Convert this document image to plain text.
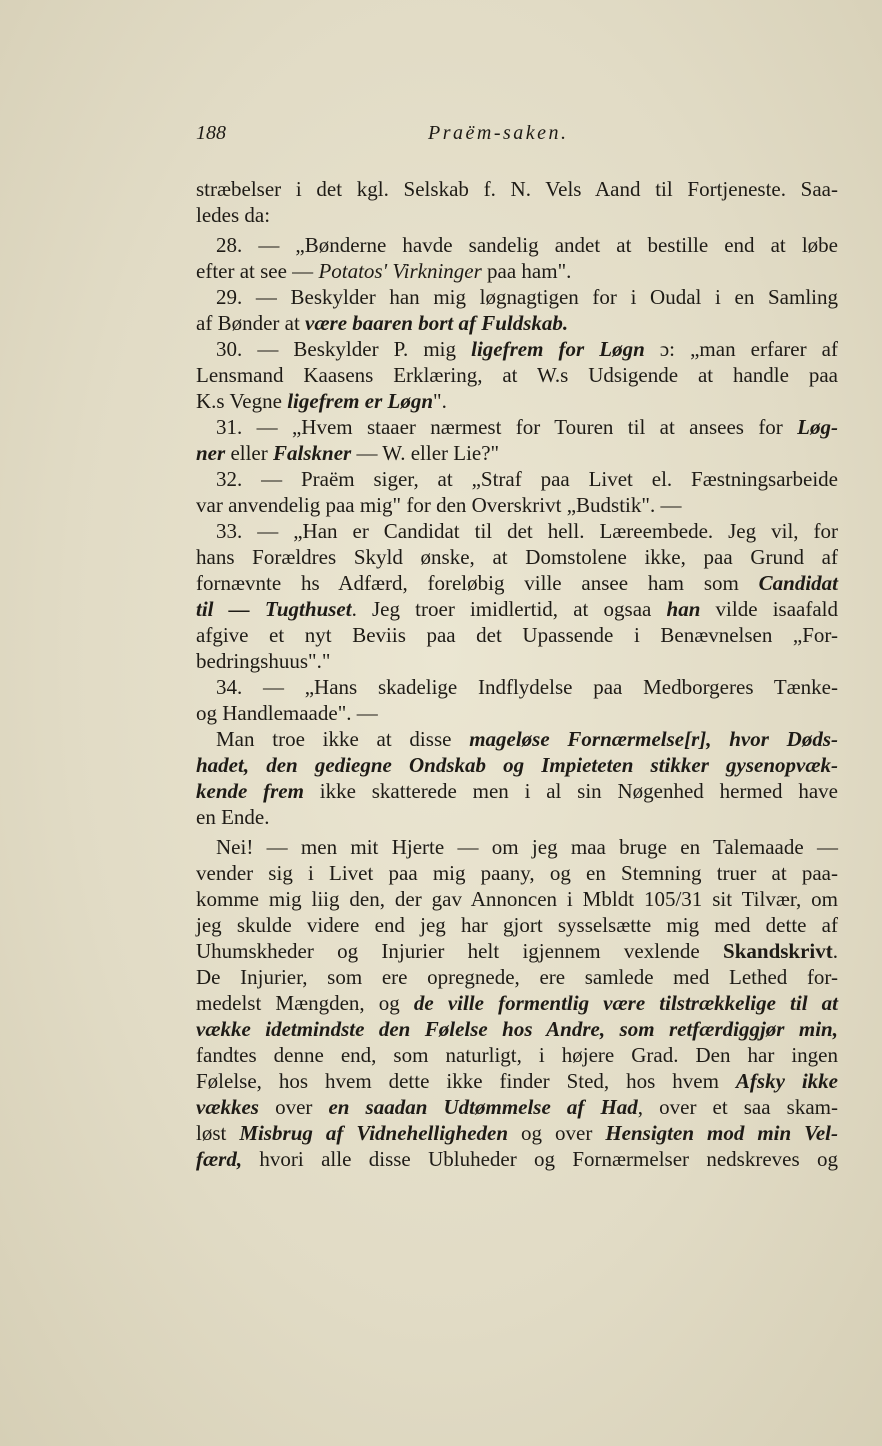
188	Praëm-saken.
stræbelser i det kgl. Selskab f. N. Vels Aand til Fortjeneste. Saa-
ledes da:
28. — „Bønderne havde sandelig andet at bestille end at løbe
efter at see — Potatos' Virkninger paa ham".
29. — Beskylder han mig løgnagtigen for i Oudal i en Samling
af Bønder at være baaren bort af Fuldskab.
30. — Beskylder P. mig ligefrem for Løgn ɔ: „man erfarer af
Lensmand Kaasens Erklæring, at W.s Udsigende at handle paa
K.s Vegne ligefrem er Løgn".
31. — „Hvem staaer nærmest for Touren til at ansees for Løg-
ner eller Falskner — W. eller Lie?"
32. — Praëm siger, at „Straf paa Livet el. Fæstningsarbeide
var anvendelig paa mig" for den Overskrivt „Budstik". —
33. — „Han er Candidat til det hell. Læreembede. Jeg vil, for
hans Forældres Skyld ønske, at Domstolene ikke, paa Grund af
fornævnte hs Adfærd, foreløbig ville ansee ham som Candidat
til — Tugthuset. Jeg troer imidlertid, at ogsaa han vilde isaafald
afgive et nyt Beviis paa det Upassende i Benævnelsen „For-
bedringshuus"."
34. — „Hans skadelige Indflydelse paa Medborgeres Tænke-
og Handlemaade". —
Man troe ikke at disse mageløse Fornærmelse[r], hvor Døds-
hadet, den gediegne Ondskab og Impieteten stikker gysenopvæk-
kende frem ikke skatterede men i al sin Nøgenhed hermed have
en Ende.
Nei! — men mit Hjerte — om jeg maa bruge en Talemaade —
vender sig i Livet paa mig paany, og en Stemning truer at paa-
komme mig liig den, der gav Annoncen i Mbldt 105/31 sit Tilvær, om
jeg skulde videre end jeg har gjort sysselsætte mig med dette af
Uhumskheder og Injurier helt igjennem vexlende Skandskrivt.
De Injurier, som ere opregnede, ere samlede med Lethed for-
medelst Mængden, og de ville formentlig være tilstrækkelige til at
vække idetmindste den Følelse hos Andre, som retfærdiggjør min,
fandtes denne end, som naturligt, i højere Grad. Den har ingen
Følelse, hos hvem dette ikke finder Sted, hos hvem Afsky ikke
vækkes over en saadan Udtømmelse af Had, over et saa skam-
løst Misbrug af Vidnehelligheden og over Hensigten mod min Vel-
færd, hvori alle disse Ubluheder og Fornærmelser nedskreves og
